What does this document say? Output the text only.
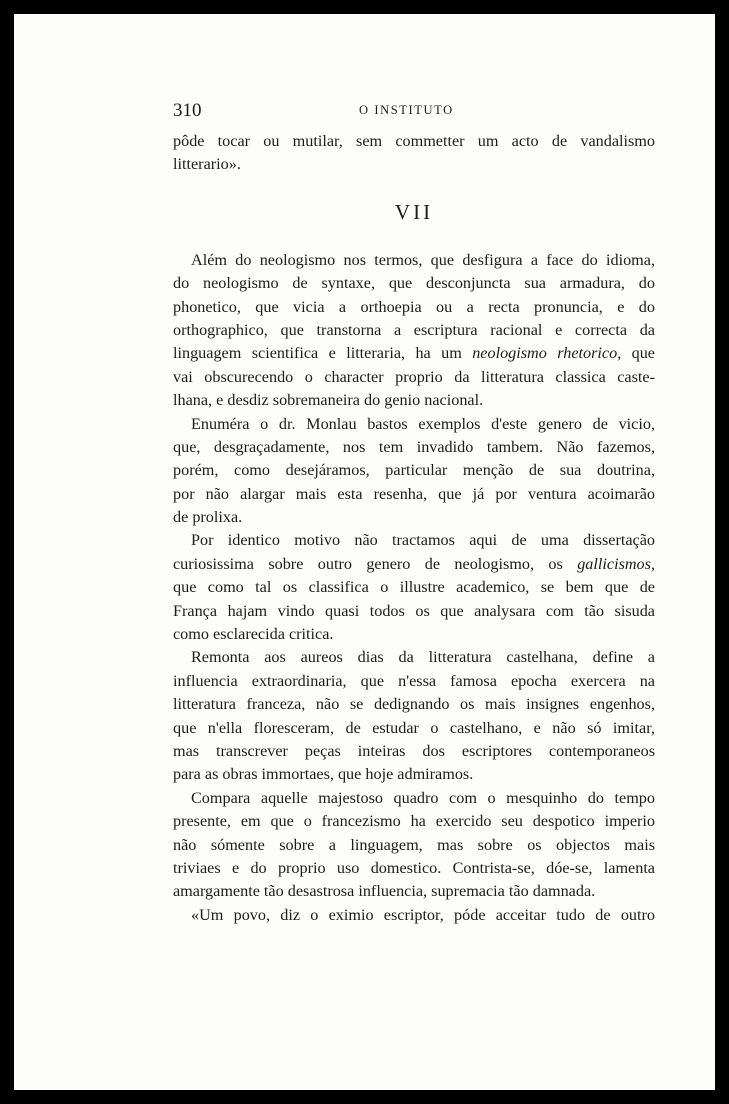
310	O INSTITUTO
pôde tocar ou mutilar, sem commetter um acto de vandalismo
litterario».
VII
Além do neologismo nos termos, que desfigura a face do idioma,
do neologismo de syntaxe, que desconjuncta sua armadura, do
phonetico, que vicia a orthoepia ou a recta pronuncia, e do
orthographico, que transtorna a escriptura racional e correcta da
linguagem scientifica e litteraria, ha um neologismo rhetorico, que
vai obscurecendo o character proprio da litteratura classica caste-
lhana, e desdiz sobremaneira do genio nacional.
Enuméra o dr. Monlau bastos exemplos d'este genero de vicio,
que, desgraçadamente, nos tem invadido tambem. Não fazemos,
porém, como desejáramos, particular menção de sua doutrina,
por não alargar mais esta resenha, que já por ventura acoimarão
de prolixa.
Por identico motivo não tractamos aqui de uma dissertação
curiosissima sobre outro genero de neologismo, os gallicismos,
que como tal os classifica o illustre academico, se bem que de
França hajam vindo quasi todos os que analysara com tão sisuda
como esclarecida critica.
Remonta aos aureos dias da litteratura castelhana, define a
influencia extraordinaria, que n'essa famosa epocha exercera na
litteratura franceza, não se dedignando os mais insignes engenhos,
que n'ella floresceram, de estudar o castelhano, e não só imitar,
mas transcrever peças inteiras dos escriptores contemporaneos
para as obras immortaes, que hoje admiramos.
Compara aquelle majestoso quadro com o mesquinho do tempo
presente, em que o francezismo ha exercido seu despotico imperio
não sómente sobre a linguagem, mas sobre os objectos mais
triviaes e do proprio uso domestico. Contrista-se, dóe-se, lamenta
amargamente tão desastrosa influencia, supremacia tão damnada.
«Um povo, diz o eximio escriptor, póde acceitar tudo de outro
